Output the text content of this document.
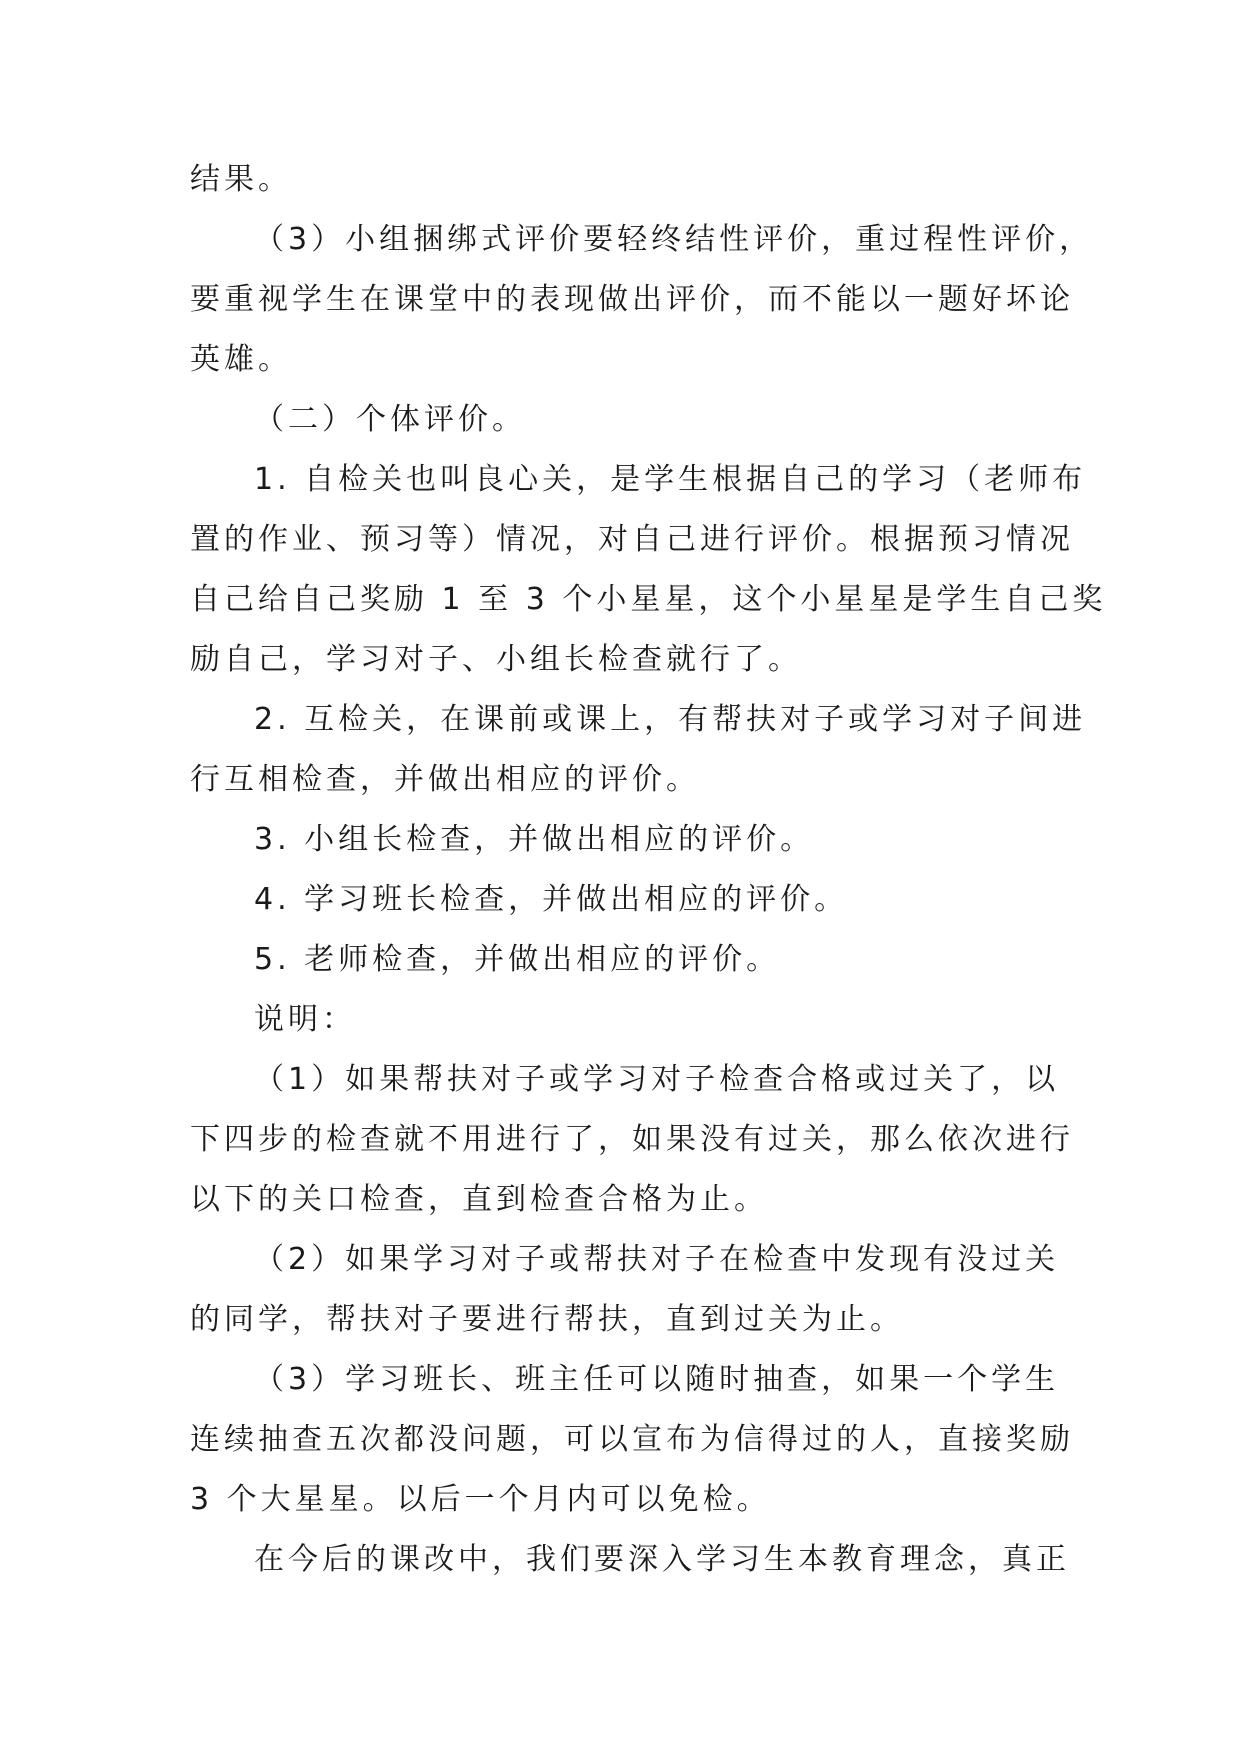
结果。

（3）小组捆绑式评价要轻终结性评价，重过程性评价，

要重视学生在课堂中的表现做出评价，而不能以一题好坏论

英雄。

（二）个体评价。

1. 自检关也叫良心关，是学生根据自己的学习（老师布

置的作业、预习等）情况，对自己进行评价。根据预习情况

自己给自己奖励 1 至 3 个小星星，这个小星星是学生自己奖

励自己，学习对子、小组长检查就行了。

2. 互检关，在课前或课上，有帮扶对子或学习对子间进

行互相检查，并做出相应的评价。

3. 小组长检查，并做出相应的评价。

4. 学习班长检查，并做出相应的评价。

5. 老师检查，并做出相应的评价。

说明：

（1）如果帮扶对子或学习对子检查合格或过关了，以

下四步的检查就不用进行了，如果没有过关，那么依次进行

以下的关口检查，直到检查合格为止。

（2）如果学习对子或帮扶对子在检查中发现有没过关

的同学，帮扶对子要进行帮扶，直到过关为止。

（3）学习班长、班主任可以随时抽查，如果一个学生

连续抽查五次都没问题，可以宣布为信得过的人，直接奖励

3 个大星星。以后一个月内可以免检。

在今后的课改中，我们要深入学习生本教育理念，真正
